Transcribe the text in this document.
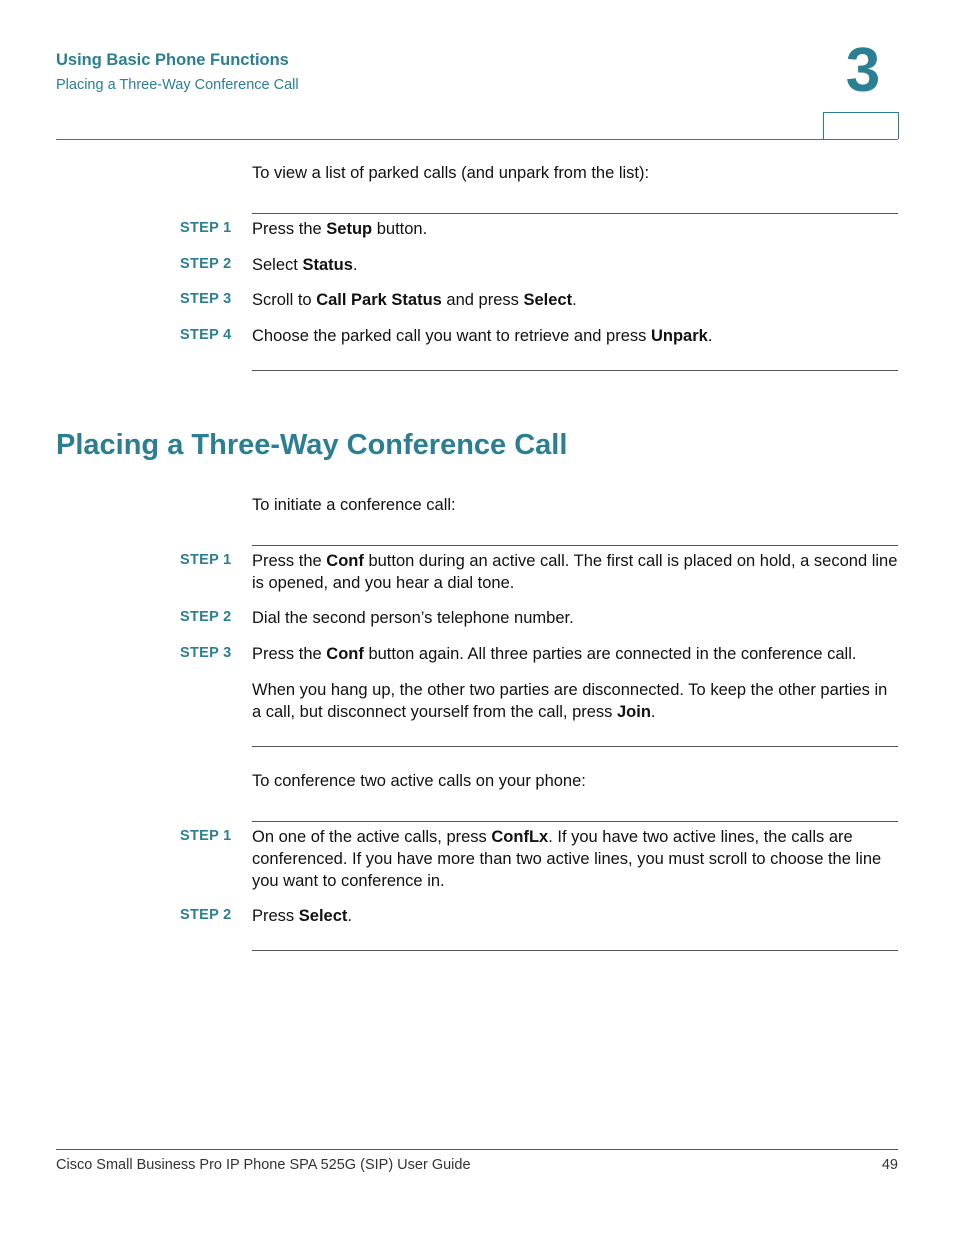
Using Basic Phone Functions
Placing a Three-Way Conference Call	3
To view a list of parked calls (and unpark from the list):
STEP 1 Press the Setup button.
STEP 2 Select Status.
STEP 3 Scroll to Call Park Status and press Select.
STEP 4 Choose the parked call you want to retrieve and press Unpark.
Placing a Three-Way Conference Call
To initiate a conference call:
STEP 1 Press the Conf button during an active call. The first call is placed on hold, a second line is opened, and you hear a dial tone.
STEP 2 Dial the second person’s telephone number.
STEP 3 Press the Conf button again. All three parties are connected in the conference call.
When you hang up, the other two parties are disconnected. To keep the other parties in a call, but disconnect yourself from the call, press Join.
To conference two active calls on your phone:
STEP 1 On one of the active calls, press ConfLx. If you have two active lines, the calls are conferenced. If you have more than two active lines, you must scroll to choose the line you want to conference in.
STEP 2 Press Select.
Cisco Small Business Pro IP Phone SPA 525G (SIP) User Guide	49
